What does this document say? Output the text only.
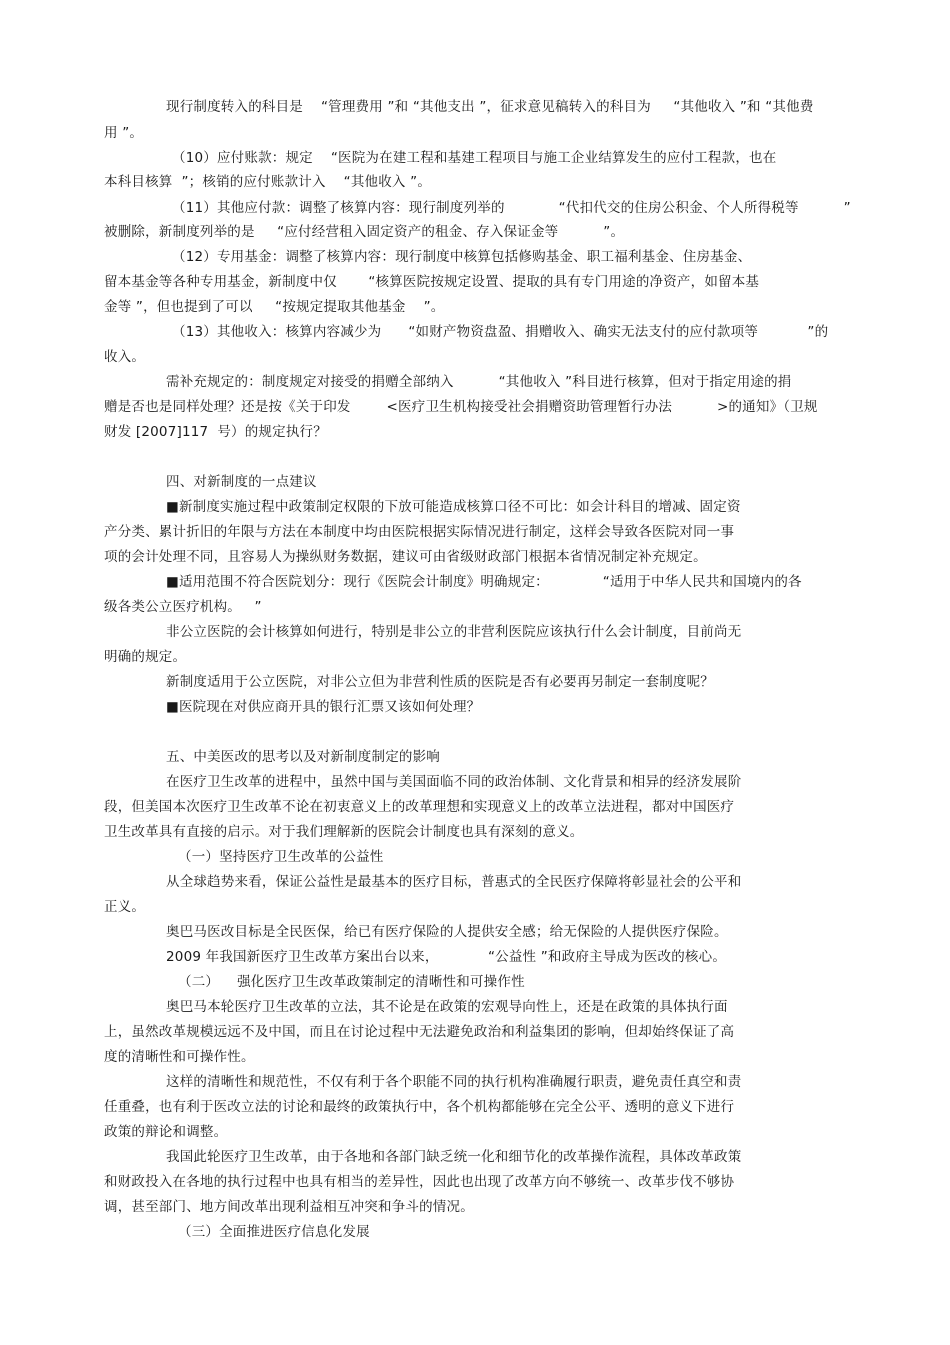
现行制度转入的科目是    “管理费用 ”和 “其他支出 ”，征求意见稿转入的科目为     “其他收入 ”和 “其他费
用 ”。
（10）应付账款：规定    “医院为在建工程和基建工程项目与施工企业结算发生的应付工程款，也在
本科目核算  ”；核销的应付账款计入    “其他收入 ”。
（11）其他应付款：调整了核算内容：现行制度列举的            “代扣代交的住房公积金、个人所得税等          ”
被删除，新制度列举的是     “应付经营租入固定资产的租金、存入保证金等          ”。
（12）专用基金：调整了核算内容：现行制度中核算包括修购基金、职工福利基金、住房基金、
留本基金等各种专用基金，新制度中仅       “核算医院按规定设置、提取的具有专门用途的净资产，如留本基
金等 ”，但也提到了可以     “按规定提取其他基金    ”。
（13）其他收入：核算内容减少为      “如财产物资盘盈、捐赠收入、确实无法支付的应付款项等           ”的
收入。
需补充规定的：制度规定对接受的捐赠全部纳入          “其他收入 ”科目进行核算，但对于指定用途的捐
赠是否也是同样处理？还是按《关于印发        <医疗卫生机构接受社会捐赠资助管理暂行办法          >的通知》（卫规
财发 [2007]117  号）的规定执行？
四、对新制度的一点建议
■新制度实施过程中政策制定权限的下放可能造成核算口径不可比：如会计科目的增减、固定资
产分类、累计折旧的年限与方法在本制度中均由医院根据实际情况进行制定，这样会导致各医院对同一事
项的会计处理不同，且容易人为操纵财务数据，建议可由省级财政部门根据本省情况制定补充规定。
■适用范围不符合医院划分：现行《医院会计制度》明确规定：            “适用于中华人民共和国境内的各
级各类公立医疗机构。   ”
非公立医院的会计核算如何进行，特别是非公立的非营利医院应该执行什么会计制度，目前尚无
明确的规定。
新制度适用于公立医院，对非公立但为非营利性质的医院是否有必要再另制定一套制度呢？
■医院现在对供应商开具的银行汇票又该如何处理？
五、中美医改的思考以及对新制度制定的影响
在医疗卫生改革的进程中，虽然中国与美国面临不同的政治体制、文化背景和相异的经济发展阶
段，但美国本次医疗卫生改革不论在初衷意义上的改革理想和实现意义上的改革立法进程，都对中国医疗
卫生改革具有直接的启示。对于我们理解新的医院会计制度也具有深刻的意义。
（一）坚持医疗卫生改革的公益性
从全球趋势来看，保证公益性是最基本的医疗目标，普惠式的全民医疗保障将彰显社会的公平和
正义。
奥巴马医改目标是全民医保，给已有医疗保险的人提供安全感；给无保险的人提供医疗保险。
2009 年我国新医疗卫生改革方案出台以来，           “公益性 ”和政府主导成为医改的核心。
（二）    强化医疗卫生改革政策制定的清晰性和可操作性
奥巴马本轮医疗卫生改革的立法，其不论是在政策的宏观导向性上，还是在政策的具体执行面
上，虽然改革规模远远不及中国，而且在讨论过程中无法避免政治和利益集团的影响，但却始终保证了高
度的清晰性和可操作性。
这样的清晰性和规范性，不仅有利于各个职能不同的执行机构准确履行职责，避免责任真空和责
任重叠，也有利于医改立法的讨论和最终的政策执行中，各个机构都能够在完全公平、透明的意义下进行
政策的辩论和调整。
我国此轮医疗卫生改革，由于各地和各部门缺乏统一化和细节化的改革操作流程，具体改革政策
和财政投入在各地的执行过程中也具有相当的差异性，因此也出现了改革方向不够统一、改革步伐不够协
调，甚至部门、地方间改革出现利益相互冲突和争斗的情况。
（三）全面推进医疗信息化发展
